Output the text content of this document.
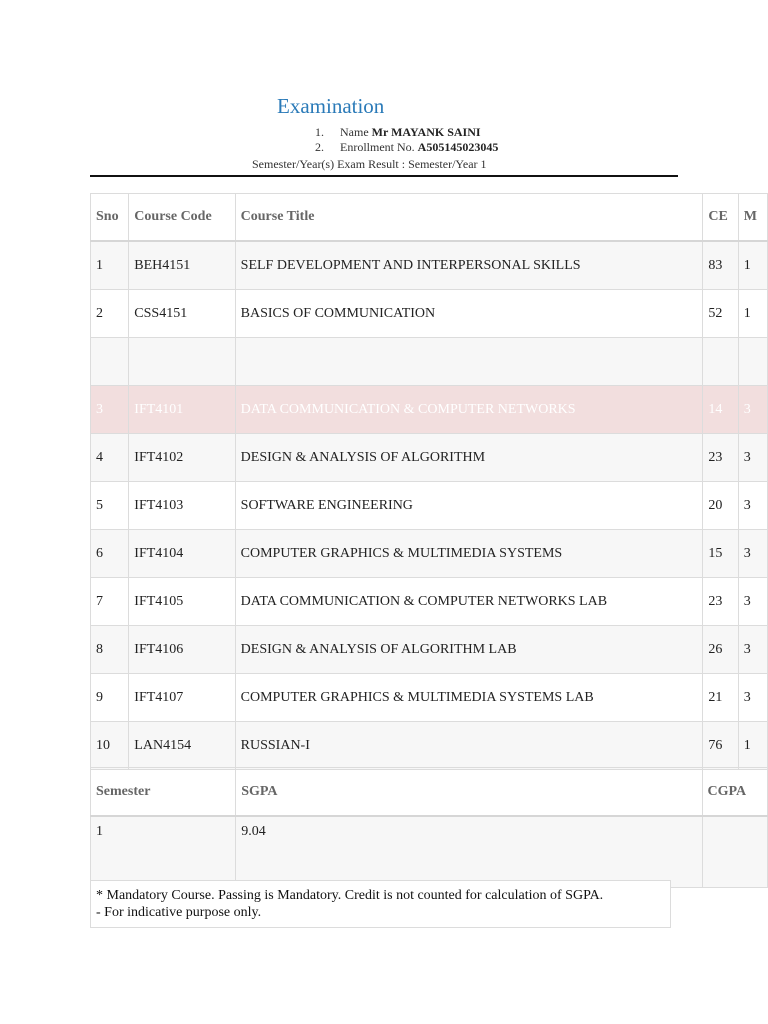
Examination
1. Name Mr MAYANK SAINI
2. Enrollment No. A505145023045
Semester/Year(s) Exam Result : Semester/Year 1
Sno	Course Code	Course Title	CE	M
1	BEH4151	SELF DEVELOPMENT AND INTERPERSONAL SKILLS	83	1
2	CSS4151	BASICS OF COMMUNICATION	52	1

3	IFT4101	DATA COMMUNICATION & COMPUTER NETWORKS	14	3
4	IFT4102	DESIGN & ANALYSIS OF ALGORITHM	23	3
5	IFT4103	SOFTWARE ENGINEERING	20	3
6	IFT4104	COMPUTER GRAPHICS & MULTIMEDIA SYSTEMS	15	3
7	IFT4105	DATA COMMUNICATION & COMPUTER NETWORKS LAB	23	3
8	IFT4106	DESIGN & ANALYSIS OF ALGORITHM LAB	26	3
9	IFT4107	COMPUTER GRAPHICS & MULTIMEDIA SYSTEMS LAB	21	3
10	LAN4154	RUSSIAN-I	76	1
Semester	SGPA	CGPA
1	9.04	
* Mandatory Course. Passing is Mandatory. Credit is not counted for calculation of SGPA.
- For indicative purpose only.
